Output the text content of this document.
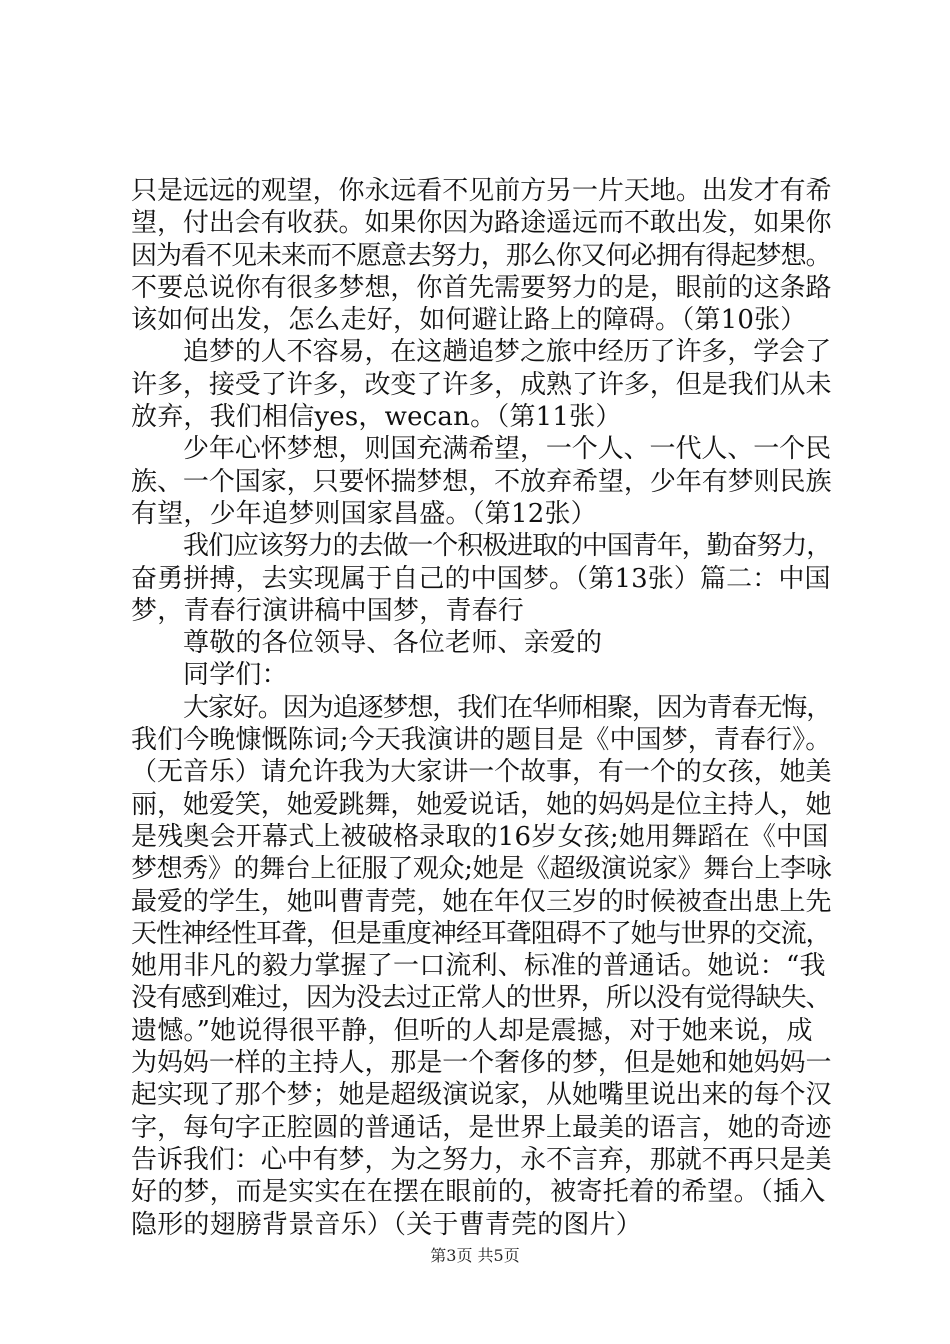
只是远远的观望，你永远看不见前方另一片天地。出发才有希
望，付出会有收获。如果你因为路途遥远而不敢出发，如果你
因为看不见未来而不愿意去努力，那么你又何必拥有得起梦想。
不要总说你有很多梦想，你首先需要努力的是，眼前的这条路
该如何出发，怎么走好，如何避让路上的障碍。（第10张）
追梦的人不容易，在这趟追梦之旅中经历了许多，学会了
许多，接受了许多，改变了许多，成熟了许多，但是我们从未
放弃，我们相信yes，wecan。（第11张）
少年心怀梦想，则国充满希望，一个人、一代人、一个民
族、一个国家，只要怀揣梦想，不放弃希望，少年有梦则民族
有望，少年追梦则国家昌盛。（第12张）
我们应该努力的去做一个积极进取的中国青年，勤奋努力，
奋勇拼搏，去实现属于自己的中国梦。（第13张）篇二：中国
梦，青春行演讲稿中国梦，青春行
尊敬的各位领导、各位老师、亲爱的
同学们：
大家好。因为追逐梦想，我们在华师相聚，因为青春无悔，
我们今晚慷慨陈词;今天我演讲的题目是《中国梦，青春行》。
（无音乐）请允许我为大家讲一个故事，有一个的女孩，她美
丽，她爱笑，她爱跳舞，她爱说话，她的妈妈是位主持人，她
是残奥会开幕式上被破格录取的16岁女孩;她用舞蹈在《中国
梦想秀》的舞台上征服了观众;她是《超级演说家》舞台上李咏
最爱的学生，她叫曹青莞，她在年仅三岁的时候被查出患上先
天性神经性耳聋，但是重度神经耳聋阻碍不了她与世界的交流，
她用非凡的毅力掌握了一口流利、标准的普通话。她说：“我
没有感到难过，因为没去过正常人的世界，所以没有觉得缺失、
遗憾。”她说得很平静，但听的人却是震撼，对于她来说，成
为妈妈一样的主持人，那是一个奢侈的梦，但是她和她妈妈一
起实现了那个梦；她是超级演说家，从她嘴里说出来的每个汉
字，每句字正腔圆的普通话，是世界上最美的语言，她的奇迹
告诉我们：心中有梦，为之努力，永不言弃，那就不再只是美
好的梦，而是实实在在摆在眼前的，被寄托着的希望。（插入
隐形的翅膀背景音乐）（关于曹青莞的图片）
第3页 共5页
